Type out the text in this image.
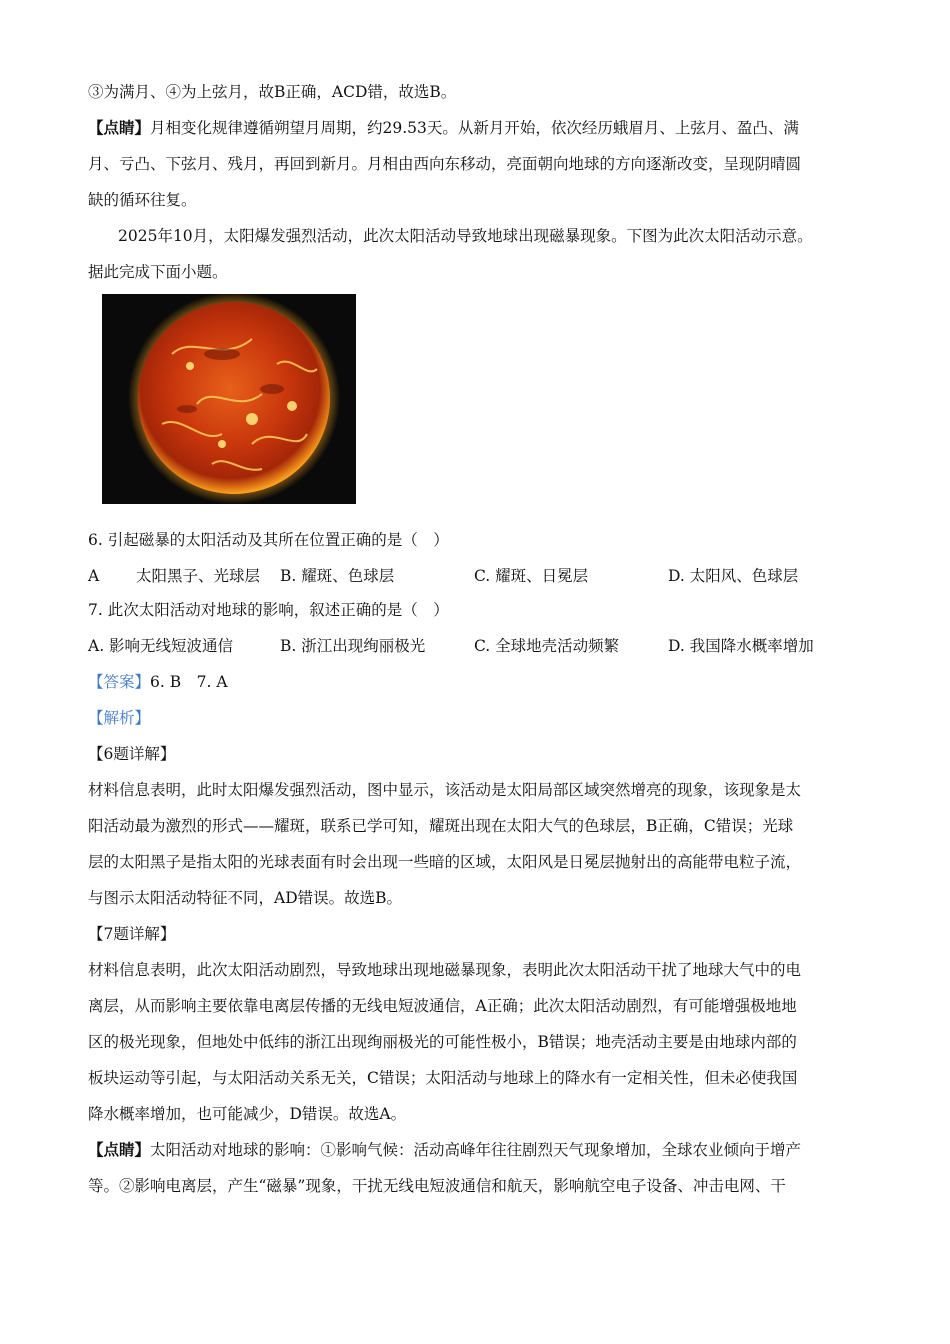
③为满月、④为上弦月，故B正确，ACD错，故选B。
【点睛】月相变化规律遵循朔望月周期，约29.53天。从新月开始，依次经历蛾眉月、上弦月、盈凸、满
月、亏凸、下弦月、残月，再回到新月。月相由西向东移动，亮面朝向地球的方向逐渐改变，呈现阴晴圆
缺的循环往复。
2025年10月，太阳爆发强烈活动，此次太阳活动导致地球出现磁暴现象。下图为此次太阳活动示意。
据此完成下面小题。
6. 引起磁暴的太阳活动及其所在位置正确的是（　）
A 太阳黑子、光球层 B. 耀斑、色球层	C. 耀斑、日冕层	D. 太阳风、色球层
7. 此次太阳活动对地球的影响，叙述正确的是（　）
A. 影响无线短波通信	B. 浙江出现绚丽极光	C. 全球地壳活动频繁	D. 我国降水概率增加
【答案】6. B　7. A
【解析】
【6题详解】
材料信息表明，此时太阳爆发强烈活动，图中显示，该活动是太阳局部区域突然增亮的现象，该现象是太
阳活动最为激烈的形式——耀斑，联系已学可知，耀斑出现在太阳大气的色球层，B正确，C错误；光球
层的太阳黑子是指太阳的光球表面有时会出现一些暗的区域，太阳风是日冕层抛射出的高能带电粒子流，
与图示太阳活动特征不同，AD错误。故选B。
【7题详解】
材料信息表明，此次太阳活动剧烈，导致地球出现地磁暴现象，表明此次太阳活动干扰了地球大气中的电
离层，从而影响主要依靠电离层传播的无线电短波通信，A正确；此次太阳活动剧烈，有可能增强极地地
区的极光现象，但地处中低纬的浙江出现绚丽极光的可能性极小，B错误；地壳活动主要是由地球内部的
板块运动等引起，与太阳活动关系无关，C错误；太阳活动与地球上的降水有一定相关性，但未必使我国
降水概率增加，也可能减少，D错误。故选A。
【点睛】太阳活动对地球的影响：①影响气候：活动高峰年往往剧烈天气现象增加，全球农业倾向于增产
等。②影响电离层，产生“磁暴”现象，干扰无线电短波通信和航天，影响航空电子设备、冲击电网、干
